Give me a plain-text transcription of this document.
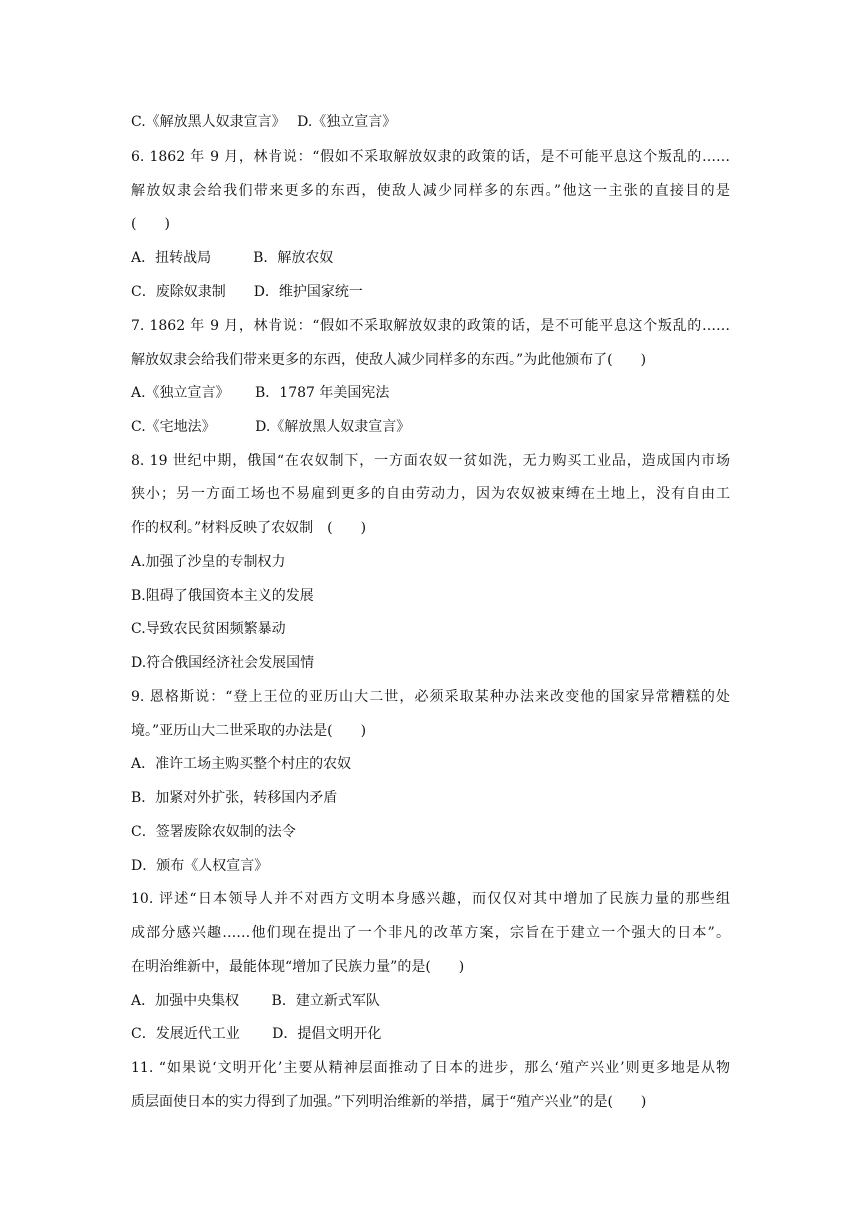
C.《解放黑人奴隶宣言》　 D.《独立宣言》
6. 1862 年 9 月，林肯说：“假如不采取解放奴隶的政策的话，是不可能平息这个叛乱的……
解放奴隶会给我们带来更多的东西，使敌人减少同样多的东西。”他这一主张的直接目的是
(　　)
A．扭转战局　　　B．解放农奴
C．废除奴隶制　　D．维护国家统一
7. 1862 年 9 月，林肯说：“假如不采取解放奴隶的政策的话，是不可能平息这个叛乱的……
解放奴隶会给我们带来更多的东西，使敌人减少同样多的东西。”为此他颁布了(　　)
A.《独立宣言》　　 B．1787 年美国宪法
C.《宅地法》　　　 D.《解放黑人奴隶宣言》
8. 19 世纪中期，俄国“在农奴制下，一方面农奴一贫如洗，无力购买工业品，造成国内市场
狭小；另一方面工场也不易雇到更多的自由劳动力，因为农奴被束缚在土地上，没有自由工
作的权利。”材料反映了农奴制　(　　)
A.加强了沙皇的专制权力
B.阻碍了俄国资本主义的发展
C.导致农民贫困频繁暴动
D.符合俄国经济社会发展国情
9. 恩格斯说：“登上王位的亚历山大二世，必须采取某种办法来改变他的国家异常糟糕的处
境。”亚历山大二世采取的办法是(　　)
A．准许工场主购买整个村庄的农奴
B．加紧对外扩张，转移国内矛盾
C．签署废除农奴制的法令
D．颁布《人权宣言》
10. 评述“日本领导人并不对西方文明本身感兴趣，而仅仅对其中增加了民族力量的那些组
成部分感兴趣……他们现在提出了一个非凡的改革方案，宗旨在于建立一个强大的日本”。
在明治维新中，最能体现“增加了民族力量”的是(　　)
A．加强中央集权　　 B．建立新式军队
C．发展近代工业　　 D．提倡文明开化
11. “如果说‘文明开化’主要从精神层面推动了日本的进步，那么‘殖产兴业’则更多地是从物
质层面使日本的实力得到了加强。”下列明治维新的举措，属于“殖产兴业”的是(　　)
